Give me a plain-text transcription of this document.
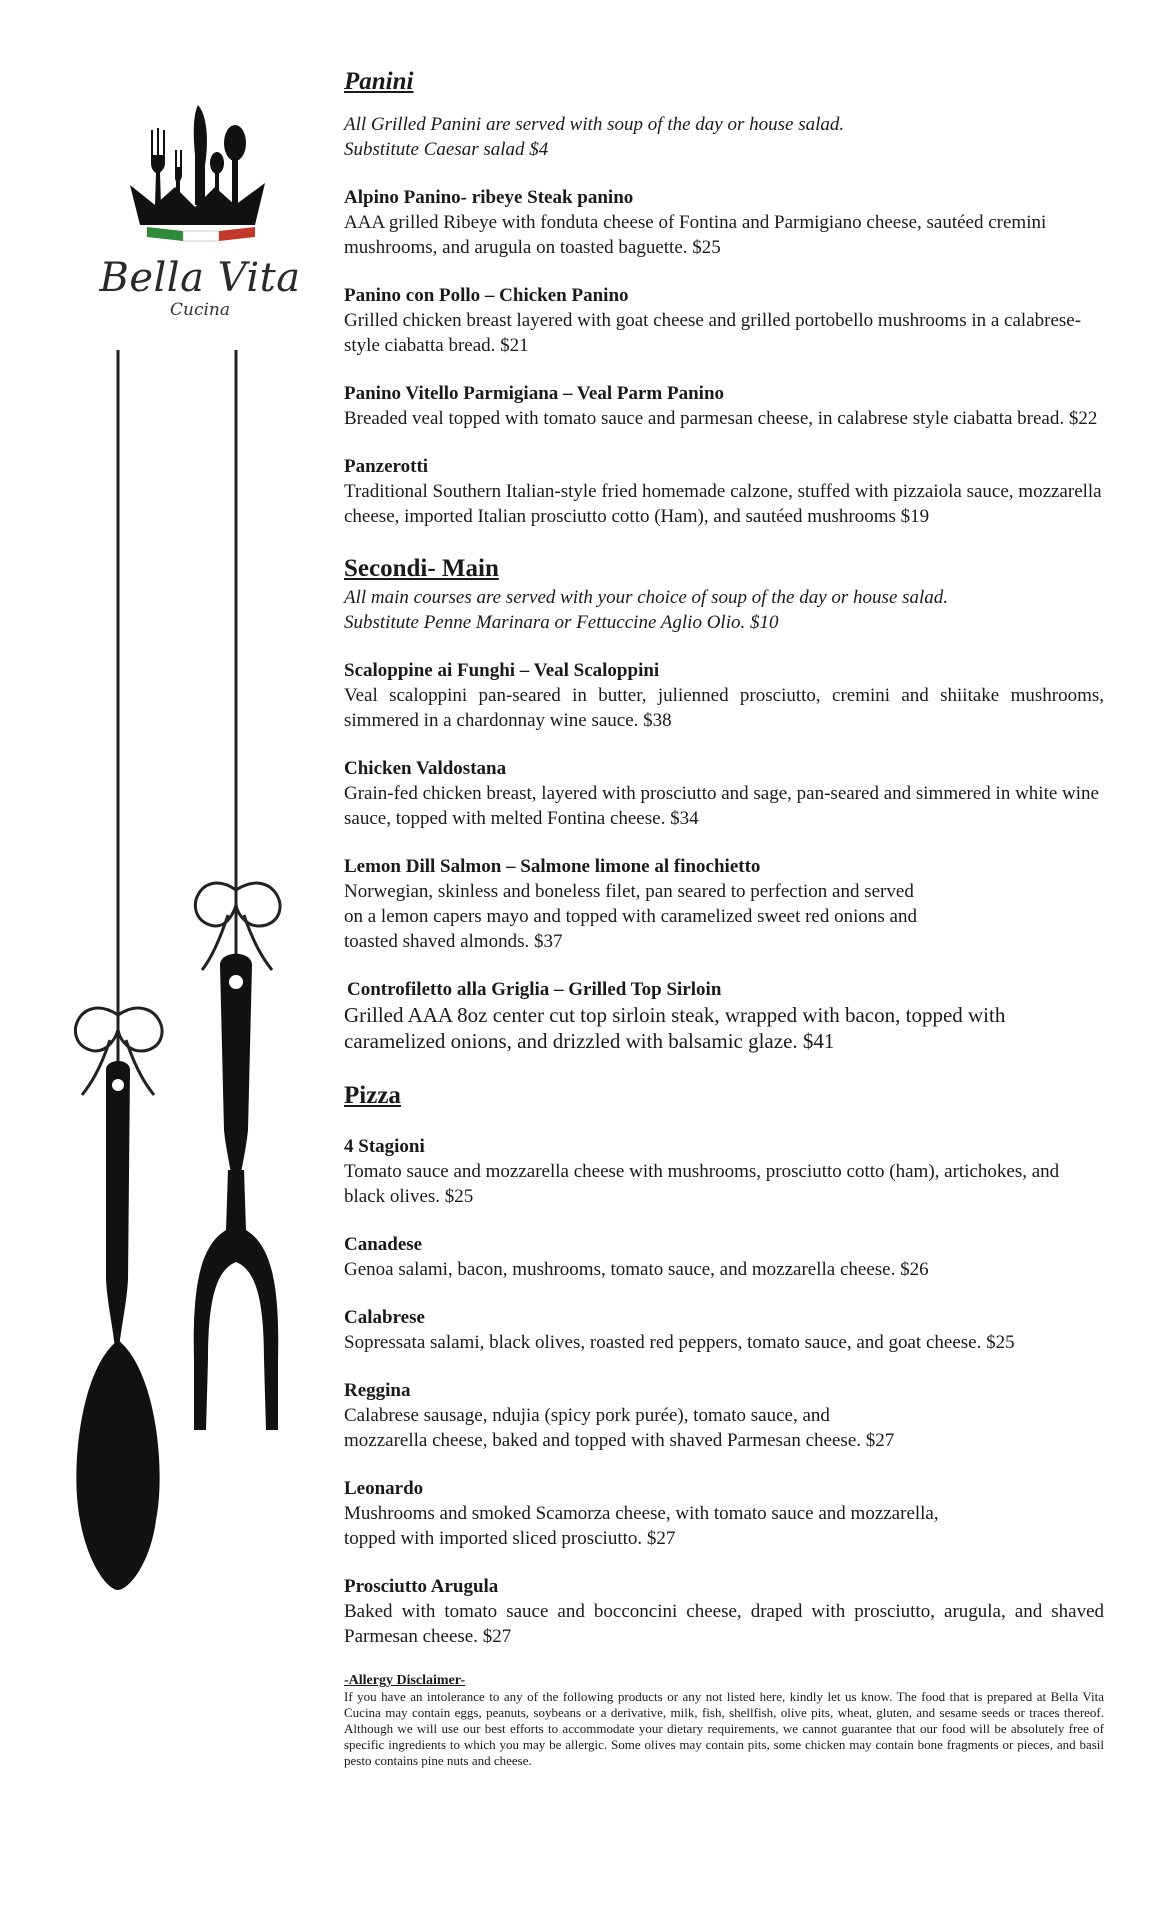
Bella Vita
Cucina
Panini

All Grilled Panini are served with soup of the day or house salad.
Substitute Caesar salad $4

Alpino Panino- ribeye Steak panino

AAA grilled Ribeye with fonduta cheese of Fontina and Parmigiano cheese, sautéed cremini mushrooms, and arugula on toasted baguette. $25

Panino con Pollo – Chicken Panino

Grilled chicken breast layered with goat cheese and grilled portobello mushrooms in a calabrese-style ciabatta bread. $21

Panino Vitello Parmigiana – Veal Parm Panino

Breaded veal topped with tomato sauce and parmesan cheese, in calabrese style ciabatta bread. $22

Panzerotti

Traditional Southern Italian-style fried homemade calzone, stuffed with pizzaiola sauce, mozzarella cheese, imported Italian prosciutto cotto (Ham), and sautéed mushrooms $19

Secondi- Main

All main courses are served with your choice of soup of the day or house salad.
Substitute Penne Marinara or Fettuccine Aglio Olio. $10

Scaloppine ai Funghi – Veal Scaloppini

Veal scaloppini pan-seared in butter, julienned prosciutto, cremini and shiitake mushrooms, simmered in a chardonnay wine sauce. $38

Chicken Valdostana

Grain-fed chicken breast, layered with prosciutto and sage, pan-seared and simmered in white wine sauce, topped with melted Fontina cheese. $34

Lemon Dill Salmon – Salmone limone al finochietto

Norwegian, skinless and boneless filet, pan seared to perfection and served
on a lemon capers mayo and topped with caramelized sweet red onions and
toasted shaved almonds. $37

Controfiletto alla Griglia – Grilled Top Sirloin

Grilled AAA 8oz center cut top sirloin steak, wrapped with bacon, topped with caramelized onions, and drizzled with balsamic glaze. $41

Pizza

4 Stagioni

Tomato sauce and mozzarella cheese with mushrooms, prosciutto cotto (ham), artichokes, and black olives. $25

Canadese

Genoa salami, bacon, mushrooms, tomato sauce, and mozzarella cheese. $26

Calabrese

Sopressata salami, black olives, roasted red peppers, tomato sauce, and goat cheese. $25

Reggina

Calabrese sausage, ndujia (spicy pork purée), tomato sauce, and
mozzarella cheese, baked and topped with shaved Parmesan cheese. $27

Leonardo

Mushrooms and smoked Scamorza cheese, with tomato sauce and mozzarella,
topped with imported sliced prosciutto. $27

Prosciutto Arugula

Baked with tomato sauce and bocconcini cheese, draped with prosciutto, arugula, and shaved Parmesan cheese. $27

-Allergy Disclaimer-

If you have an intolerance to any of the following products or any not listed here, kindly let us know. The food that is prepared at Bella Vita Cucina may contain eggs, peanuts, soybeans or a derivative, milk, fish, shellfish, olive pits, wheat, gluten, and sesame seeds or traces thereof. Although we will use our best efforts to accommodate your dietary requirements, we cannot guarantee that our food will be absolutely free of specific ingredients to which you may be allergic. Some olives may contain pits, some chicken may contain bone fragments or pieces, and basil pesto contains pine nuts and cheese.
